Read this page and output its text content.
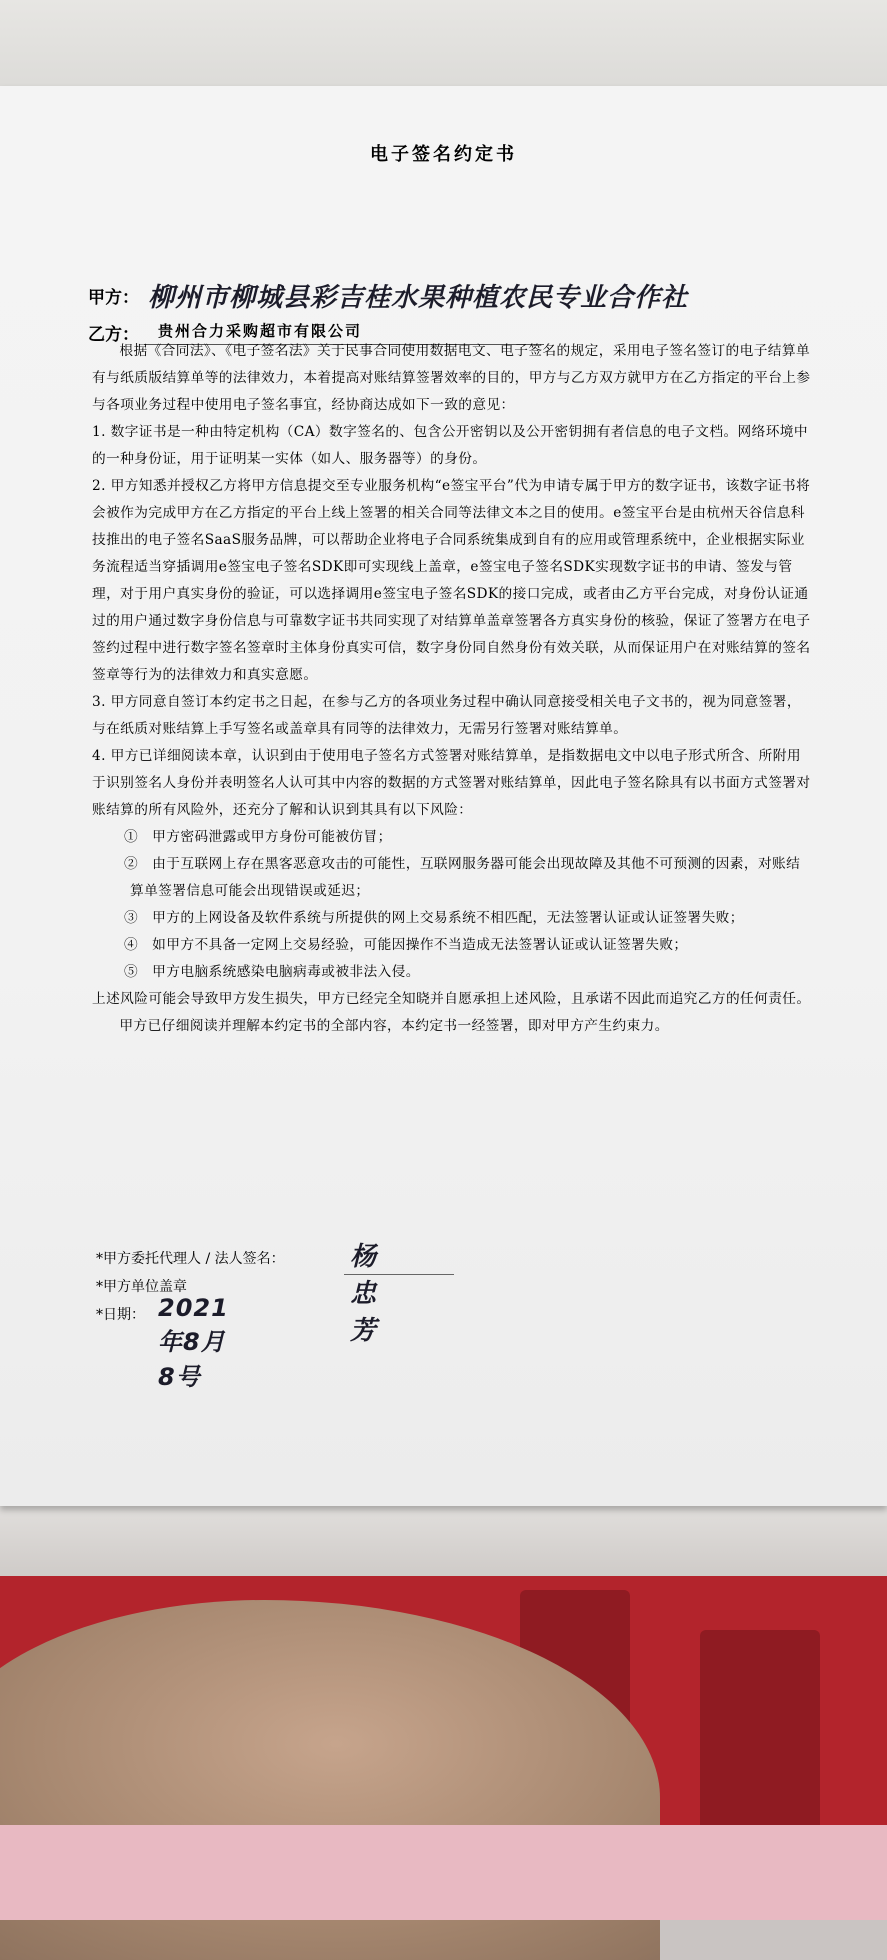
电子签名约定书
甲方： 柳州市柳城县彩吉桂水果种植农民专业合作社
乙方： 贵州合力采购超市有限公司

根据《合同法》、《电子签名法》关于民事合同使用数据电文、电子签名的规定，采用电子签名签订的电子结算单有与纸质版结算单等的法律效力，本着提高对账结算签署效率的目的，甲方与乙方双方就甲方在乙方指定的平台上参与各项业务过程中使用电子签名事宜，经协商达成如下一致的意见：

1. 数字证书是一种由特定机构（CA）数字签名的、包含公开密钥以及公开密钥拥有者信息的电子文档。网络环境中的一种身份证，用于证明某一实体（如人、服务器等）的身份。

2. 甲方知悉并授权乙方将甲方信息提交至专业服务机构“e签宝平台”代为申请专属于甲方的数字证书，该数字证书将会被作为完成甲方在乙方指定的平台上线上签署的相关合同等法律文本之目的使用。e签宝平台是由杭州天谷信息科技推出的电子签名SaaS服务品牌，可以帮助企业将电子合同系统集成到自有的应用或管理系统中，企业根据实际业务流程适当穿插调用e签宝电子签名SDK即可实现线上盖章，e签宝电子签名SDK实现数字证书的申请、签发与管理，对于用户真实身份的验证，可以选择调用e签宝电子签名SDK的接口完成，或者由乙方平台完成，对身份认证通过的用户通过数字身份信息与可靠数字证书共同实现了对结算单盖章签署各方真实身份的核验，保证了签署方在电子签约过程中进行数字签名签章时主体身份真实可信，数字身份同自然身份有效关联，从而保证用户在对账结算的签名签章等行为的法律效力和真实意愿。

3. 甲方同意自签订本约定书之日起，在参与乙方的各项业务过程中确认同意接受相关电子文书的，视为同意签署，与在纸质对账结算上手写签名或盖章具有同等的法律效力，无需另行签署对账结算单。

4. 甲方已详细阅读本章，认识到由于使用电子签名方式签署对账结算单，是指数据电文中以电子形式所含、所附用于识别签名人身份并表明签名人认可其中内容的数据的方式签署对账结算单，因此电子签名除具有以书面方式签署对账结算的所有风险外，还充分了解和认识到其具有以下风险：

①　甲方密码泄露或甲方身份可能被仿冒；

②　由于互联网上存在黑客恶意攻击的可能性，互联网服务器可能会出现故障及其他不可预测的因素，对账结算单签署信息可能会出现错误或延迟；

③　甲方的上网设备及软件系统与所提供的网上交易系统不相匹配，无法签署认证或认证签署失败；

④　如甲方不具备一定网上交易经验，可能因操作不当造成无法签署认证或认证签署失败；

⑤　甲方电脑系统感染电脑病毒或被非法入侵。

上述风险可能会导致甲方发生损失，甲方已经完全知晓并自愿承担上述风险，且承诺不因此而追究乙方的任何责任。

甲方已仔细阅读并理解本约定书的全部内容，本约定书一经签署，即对甲方产生约束力。

*甲方委托代理人 / 法人签名：	杨忠芳
*甲方单位盖章
*日期： 2021年8月8号
